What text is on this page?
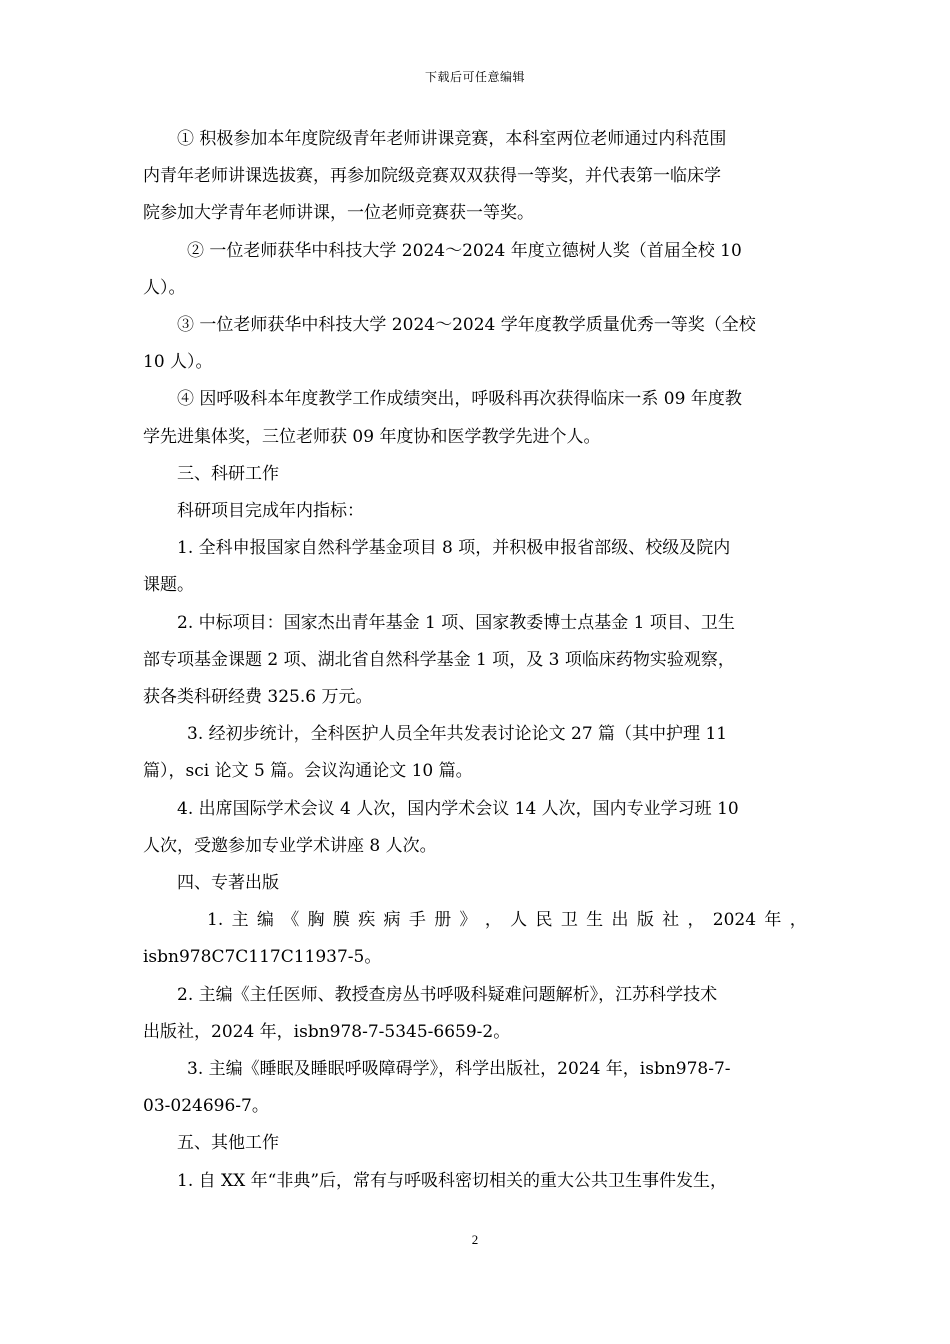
下载后可任意编辑

① 积极参加本年度院级青年老师讲课竞赛，本科室两位老师通过内科范围
内青年老师讲课选拔赛，再参加院级竞赛双双获得一等奖，并代表第一临床学
院参加大学青年老师讲课，一位老师竞赛获一等奖。

② 一位老师获华中科技大学 2024～2024 年度立德树人奖（首届全校 10
人）。

③ 一位老师获华中科技大学 2024～2024 学年度教学质量优秀一等奖（全校
10 人）。

④ 因呼吸科本年度教学工作成绩突出，呼吸科再次获得临床一系 09 年度教
学先进集体奖，三位老师获 09 年度协和医学教学先进个人。

三、科研工作

科研项目完成年内指标：

1. 全科申报国家自然科学基金项目 8 项，并积极申报省部级、校级及院内
课题。

2. 中标项目：国家杰出青年基金 1 项、国家教委博士点基金 1 项目、卫生
部专项基金课题 2 项、湖北省自然科学基金 1 项，及 3 项临床药物实验观察，
获各类科研经费 325.6 万元。

3. 经初步统计，全科医护人员全年共发表讨论论文 27 篇（其中护理 11
篇），sci 论文 5 篇。会议沟通论文 10 篇。

4. 出席国际学术会议 4 人次，国内学术会议 14 人次，国内专业学习班 10
人次，受邀参加专业学术讲座 8 人次。

四、专著出版

1. 主 编 《 胸 膜 疾 病 手 册 》 ， 人 民 卫 生 出 版 社 ， 2024 年 ，
isbn978C7C117C11937-5。

2. 主编《主任医师、教授查房丛书呼吸科疑难问题解析》，江苏科学技术
出版社，2024 年，isbn978-7-5345-6659-2。

3. 主编《睡眠及睡眠呼吸障碍学》，科学出版社，2024 年，isbn978-7-
03-024696-7。

五、其他工作

1. 自 XX 年“非典”后，常有与呼吸科密切相关的重大公共卫生事件发生，

2
